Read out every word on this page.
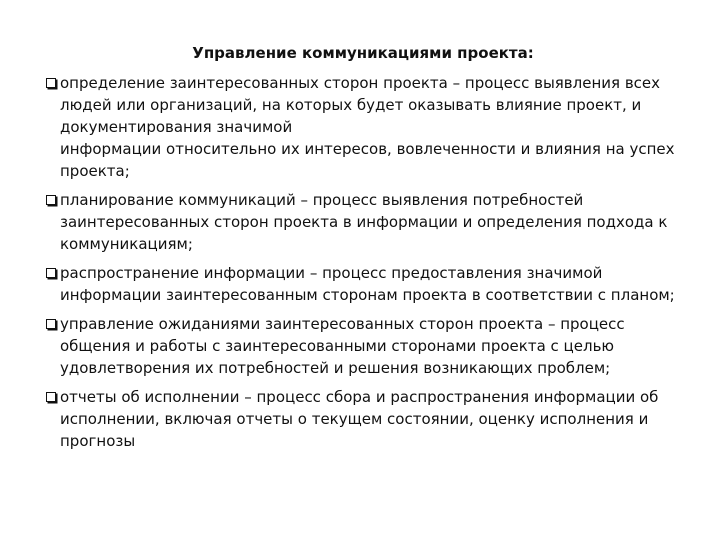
Управление коммуникациями проекта:
определение заинтересованных сторон проекта – процесс выявления всех людей или организаций, на которых будет оказывать влияние проект, и документирования значимой
информации относительно их интересов, вовлеченности и влияния на успех проекта;
планирование коммуникаций – процесс выявления потребностей заинтересованных сторон проекта в информации и определения подхода к коммуникациям;
распространение информации – процесс предоставления значимой информации заинтересованным сторонам проекта в соответствии с планом;
управление ожиданиями заинтересованных сторон проекта – процесс общения и работы с заинтересованными сторонами проекта с целью удовлетворения их потребностей и решения возникающих проблем;
отчеты об исполнении – процесс сбора и распространения информации об исполнении, включая отчеты о текущем состоянии, оценку исполнения и прогнозы
